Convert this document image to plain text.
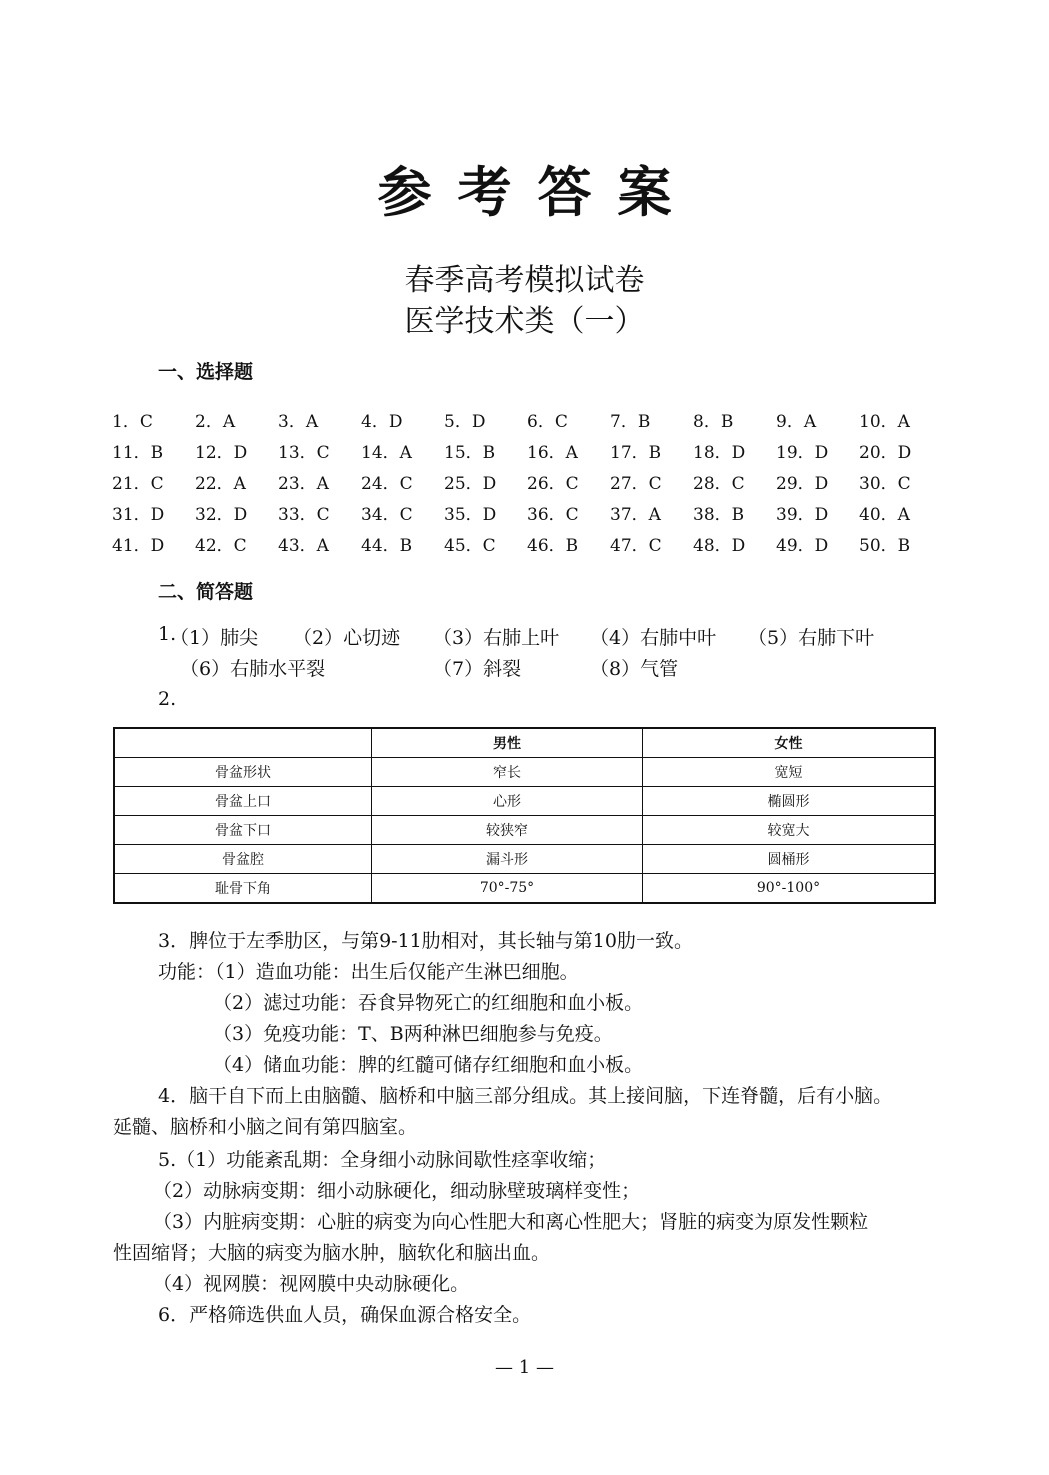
参考答案
春季高考模拟试卷
医学技术类（一）
一、选择题
1．C	2．A	3．A	4．D	5．D	6．C	7．B	8．B	9．A	10．A
11．B	12．D	13．C	14．A	15．B	16．A	17．B	18．D	19．D	20．D
21．C	22．A	23．A	24．C	25．D	26．C	27．C	28．C	29．D	30．C
31．D	32．D	33．C	34．C	35．D	36．C	37．A	38．B	39．D	40．A
41．D	42．C	43．A	44．B	45．C	46．B	47．C	48．D	49．D	50．B
二、简答题
1.
（1）肺尖 （2）心切迹 （3）右肺上叶 （4）右肺中叶 （5）右肺下叶
（6）右肺水平裂	（7）斜裂	（8）气管
2.
	男性	女性
骨盆形状	窄长	宽短
骨盆上口	心形	椭圆形
骨盆下口	较狭窄	较宽大
骨盆腔	漏斗形	圆桶形
耻骨下角	70°-75°	90°-100°
3．脾位于左季肋区，与第9-11肋相对，其长轴与第10肋一致。
功能：（1）造血功能：出生后仅能产生淋巴细胞。
（2）滤过功能：吞食异物死亡的红细胞和血小板。
（3）免疫功能：T、B两种淋巴细胞参与免疫。
（4）储血功能：脾的红髓可储存红细胞和血小板。
4．脑干自下而上由脑髓、脑桥和中脑三部分组成。其上接间脑，下连脊髓，后有小脑。
延髓、脑桥和小脑之间有第四脑室。
5.（1）功能紊乱期：全身细小动脉间歇性痉挛收缩；
（2）动脉病变期：细小动脉硬化，细动脉壁玻璃样变性；
（3）内脏病变期：心脏的病变为向心性肥大和离心性肥大；肾脏的病变为原发性颗粒
性固缩肾；大脑的病变为脑水肿，脑软化和脑出血。
（4）视网膜：视网膜中央动脉硬化。
6．严格筛选供血人员，确保血源合格安全。
— 1 —
